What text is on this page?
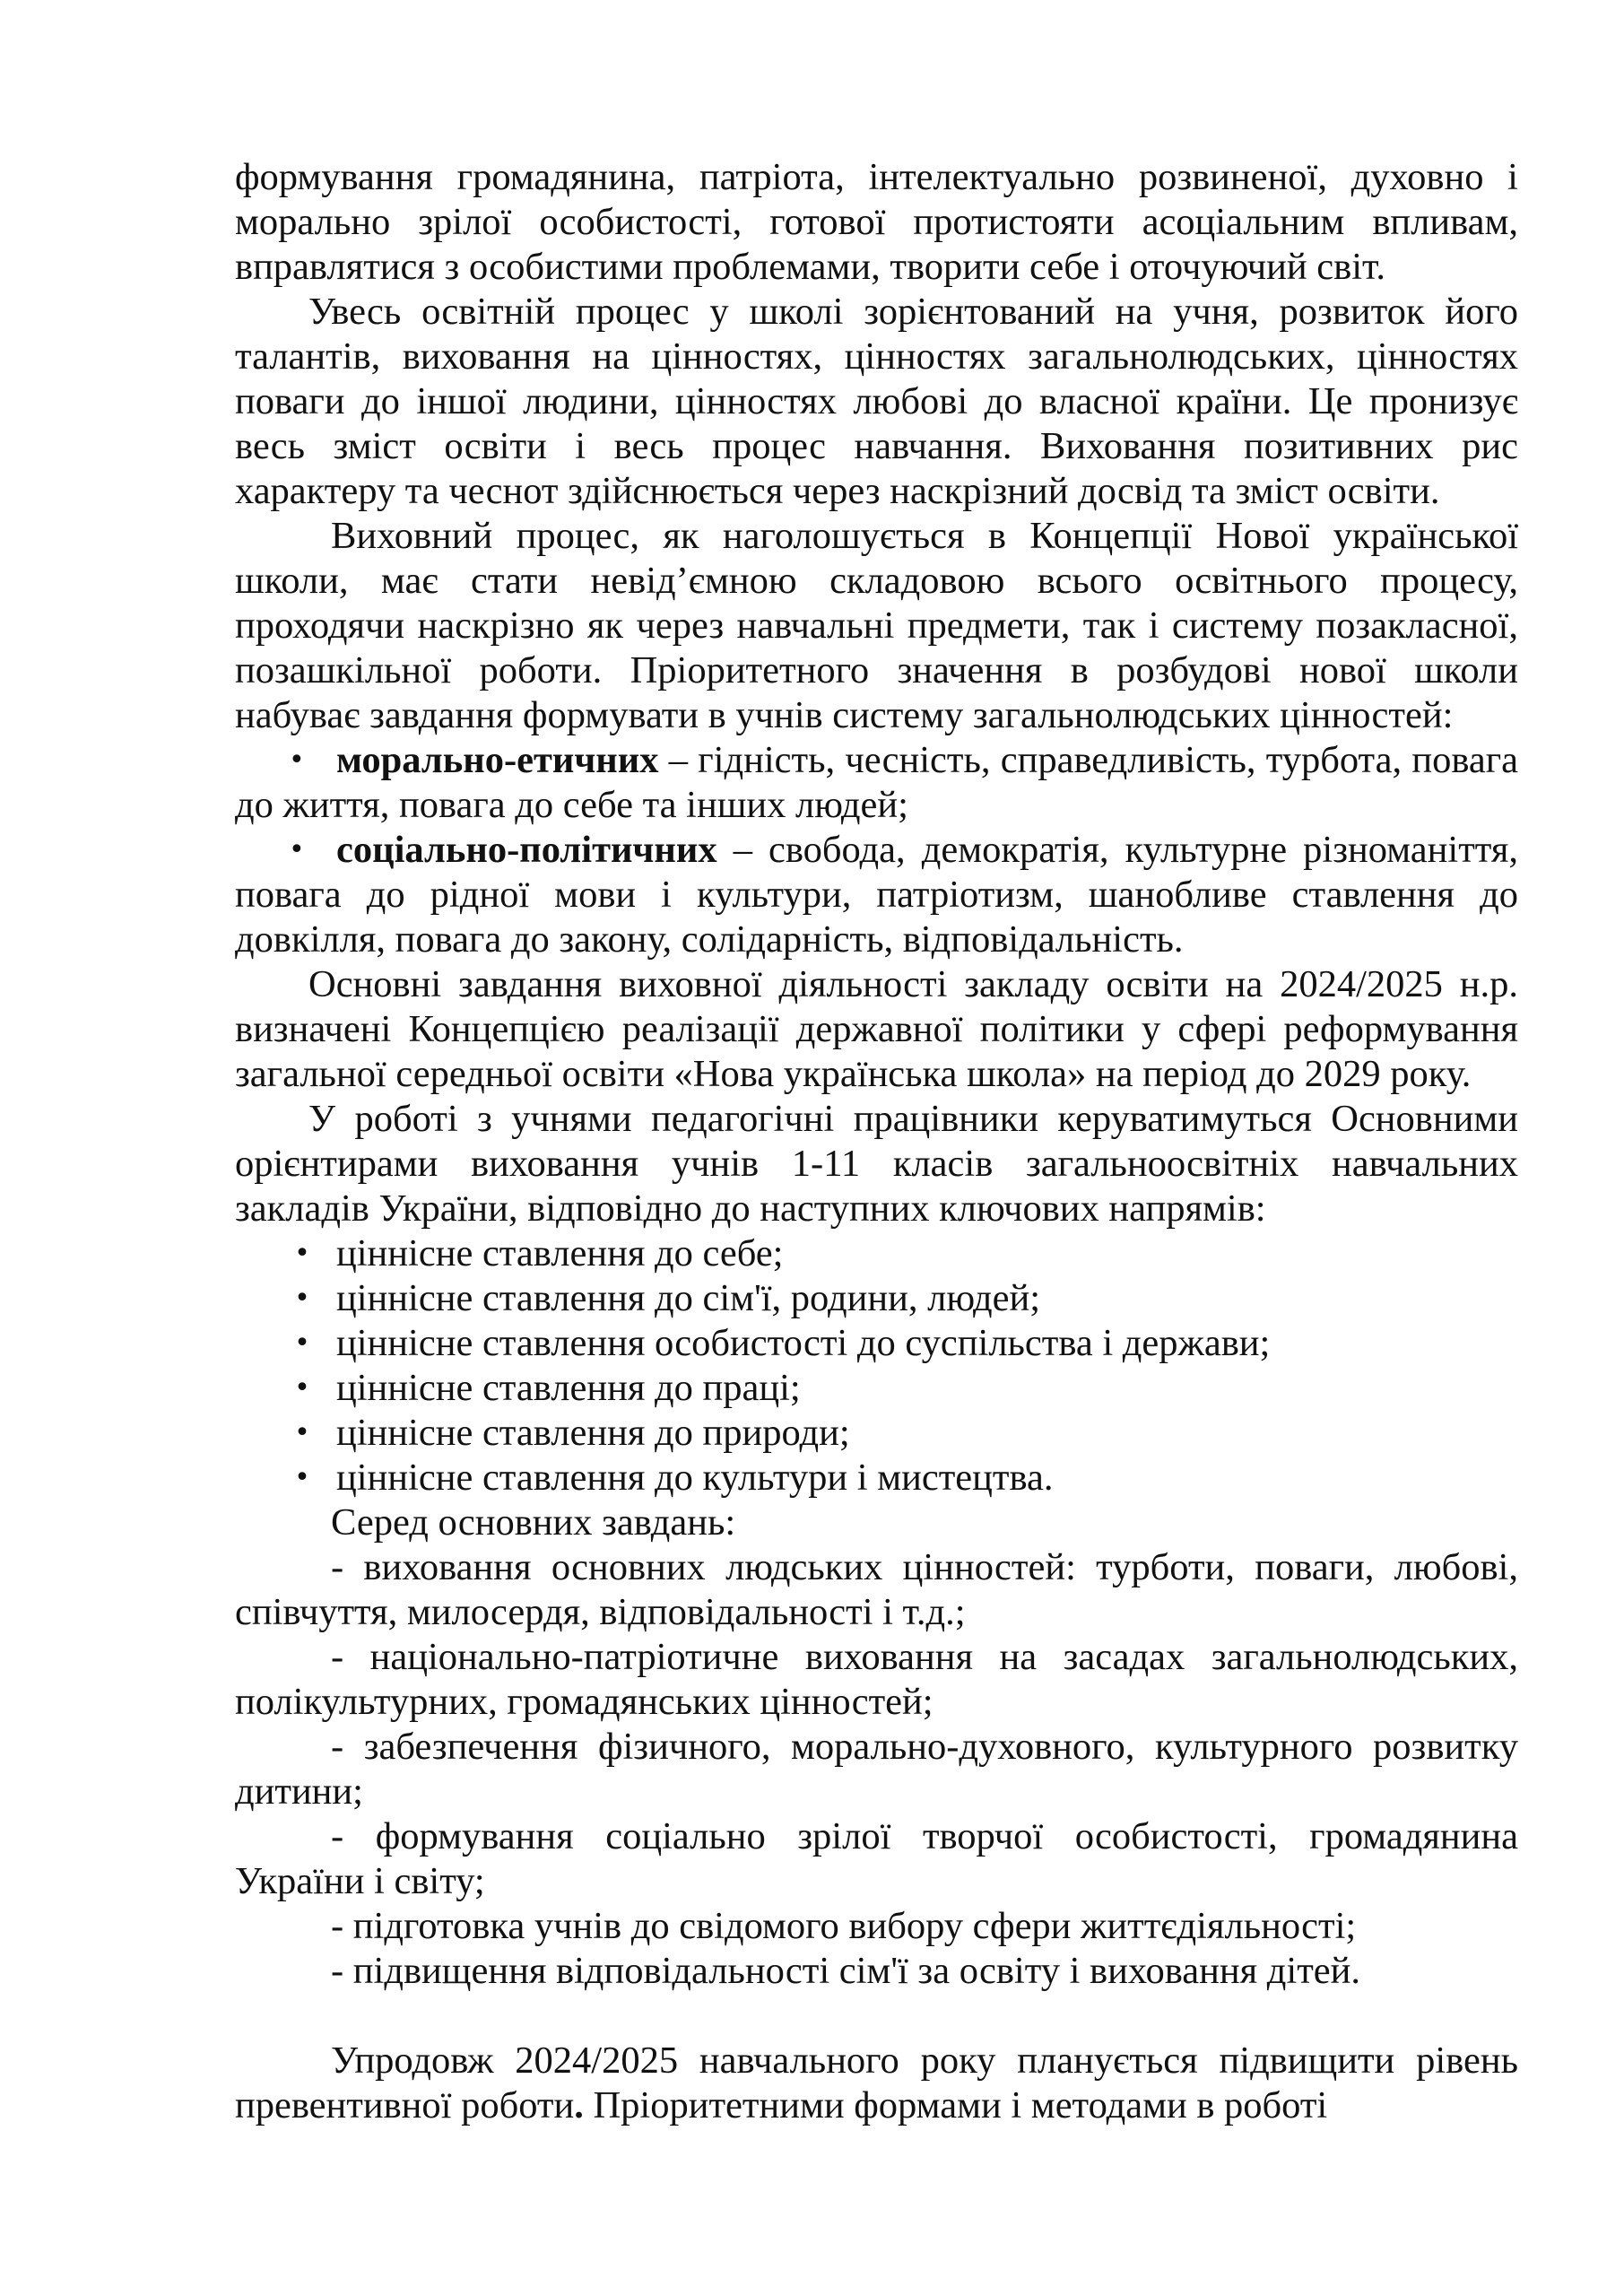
формування громадянина, патріота, інтелектуально розвиненої, духовно і морально зрілої особистості, готової протистояти асоціальним впливам, вправлятися з особистими проблемами, творити себе і оточуючий світ.

Увесь освітній процес у школі зорієнтований на учня, розвиток його талантів, виховання на цінностях, цінностях загальнолюдських, цінностях поваги до іншої людини, цінностях любові до власної країни. Це пронизує весь зміст освіти і весь процес навчання. Виховання позитивних рис характеру та чеснот здійснюється через наскрізний досвід та зміст освіти.

Виховний процес, як наголошується в Концепції Нової української школи, має стати невід’ємною складовою всього освітнього процесу, проходячи наскрізно як через навчальні предмети, так і систему позакласної, позашкільної роботи. Пріоритетного значення в розбудові нової школи набуває завдання формувати в учнів систему загальнолюдських цінностей:

• морально-етичних – гідність, чесність, справедливість, турбота, повага до життя, повага до себе та інших людей;
• соціально-політичних – свобода, демократія, культурне різноманіття, повага до рідної мови і культури, патріотизм, шанобливе ставлення до довкілля, повага до закону, солідарність, відповідальність.

Основні завдання виховної діяльності закладу освіти на 2024/2025 н.р. визначені Концепцією реалізації державної політики у сфері реформування загальної середньої освіти «Нова українська школа» на період до 2029 року.

У роботі з учнями педагогічні працівники керуватимуться Основними орієнтирами виховання учнів 1-11 класів загальноосвітніх навчальних закладів України, відповідно до наступних ключових напрямів:

• ціннісне ставлення до себе;
• ціннісне ставлення до сім'ї, родини, людей;
• ціннісне ставлення особистості до суспільства і держави;
• ціннісне ставлення до праці;
• ціннісне ставлення до природи;
• ціннісне ставлення до культури і мистецтва.

Серед основних завдань:

- виховання основних людських цінностей: турботи, поваги, любові, співчуття, милосердя, відповідальності і т.д.;

- національно-патріотичне виховання на засадах загальнолюдських, полікультурних, громадянських цінностей;

- забезпечення фізичного, морально-духовного, культурного розвитку дитини;

- формування соціально зрілої творчої особистості, громадянина України і світу;

- підготовка учнів до свідомого вибору сфери життєдіяльності;

- підвищення відповідальності сім'ї за освіту і виховання дітей.

Упродовж 2024/2025 навчального року планується підвищити рівень превентивної роботи. Пріоритетними формами і методами в роботі
